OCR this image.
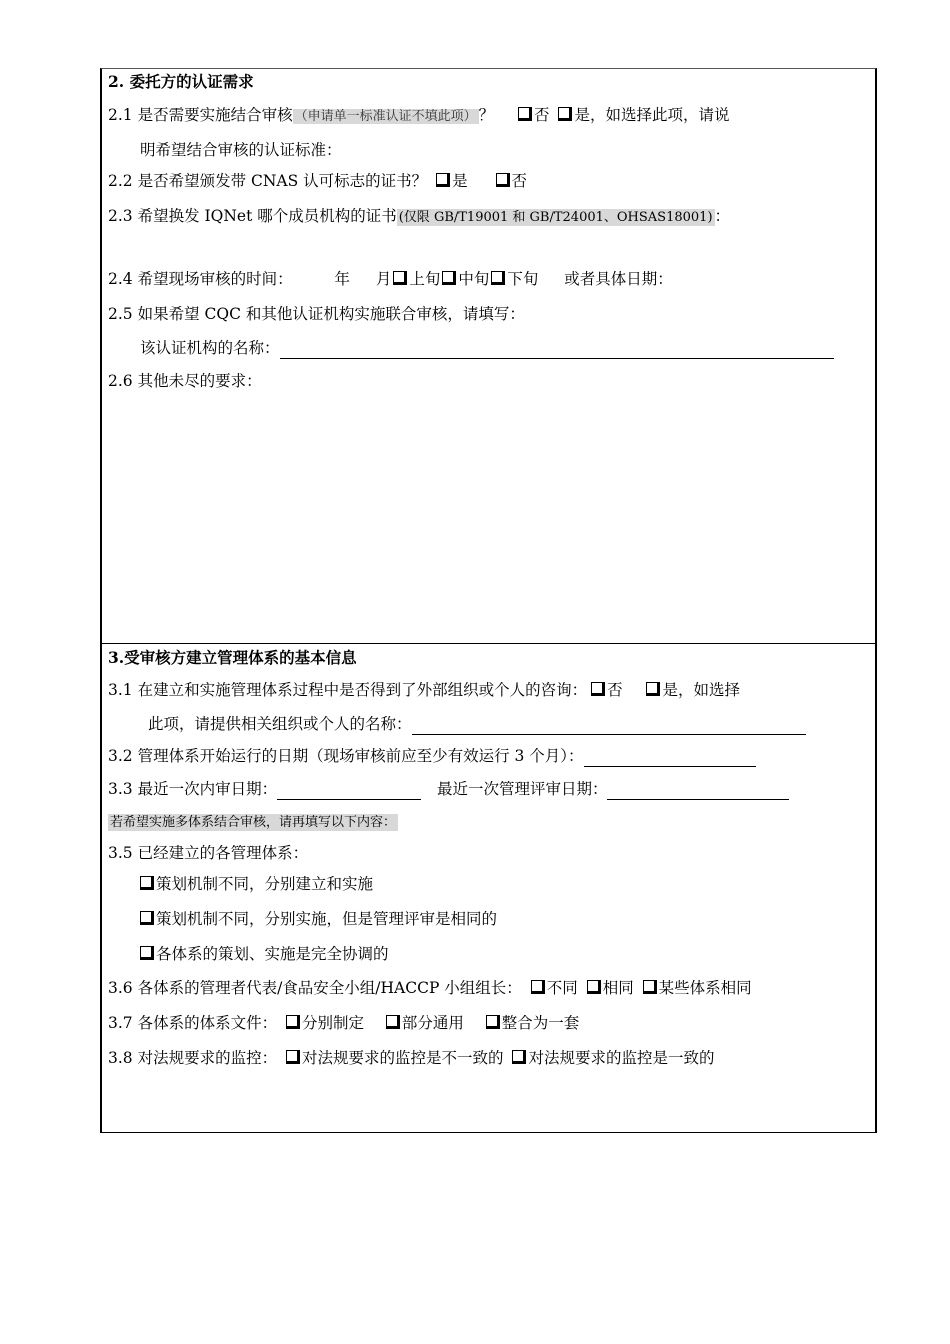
2. 委托方的认证需求
2.1 是否需要实施结合审核 （申请单一标准认证不填此项） ？	否 是，如选择此项，请说
明希望结合审核的认证标准：
2.2 是否希望颁发带 CNAS 认可标志的证书？ 是	否
2.3 希望换发 IQNet 哪个成员机构的证书 (仅限 GB/T19001 和 GB/T24001、OHSAS18001) ：
2.4 希望现场审核的时间：	年 月 上旬 中旬 下旬 或者具体日期：
2.5 如果希望 CQC 和其他认证机构实施联合审核，请填写：
该认证机构的名称：
2.6 其他未尽的要求：
3.受审核方建立管理体系的基本信息
3.1 在建立和实施管理体系过程中是否得到了外部组织或个人的咨询： 否	是，如选择
此项，请提供相关组织或个人的名称：
3.2 管理体系开始运行的日期（现场审核前应至少有效运行 3 个月）：
3.3 最近一次内审日期：	最近一次管理评审日期：
若希望实施多体系结合审核，请再填写以下内容：
3.5 已经建立的各管理体系：
策划机制不同，分别建立和实施
策划机制不同，分别实施，但是管理评审是相同的
各体系的策划、实施是完全协调的
3.6 各体系的管理者代表/食品安全小组/HACCP 小组组长： 不同 相同 某些体系相同
3.7 各体系的体系文件： 分别制定 部分通用 整合为一套
3.8 对法规要求的监控： 对法规要求的监控是不一致的 对法规要求的监控是一致的
